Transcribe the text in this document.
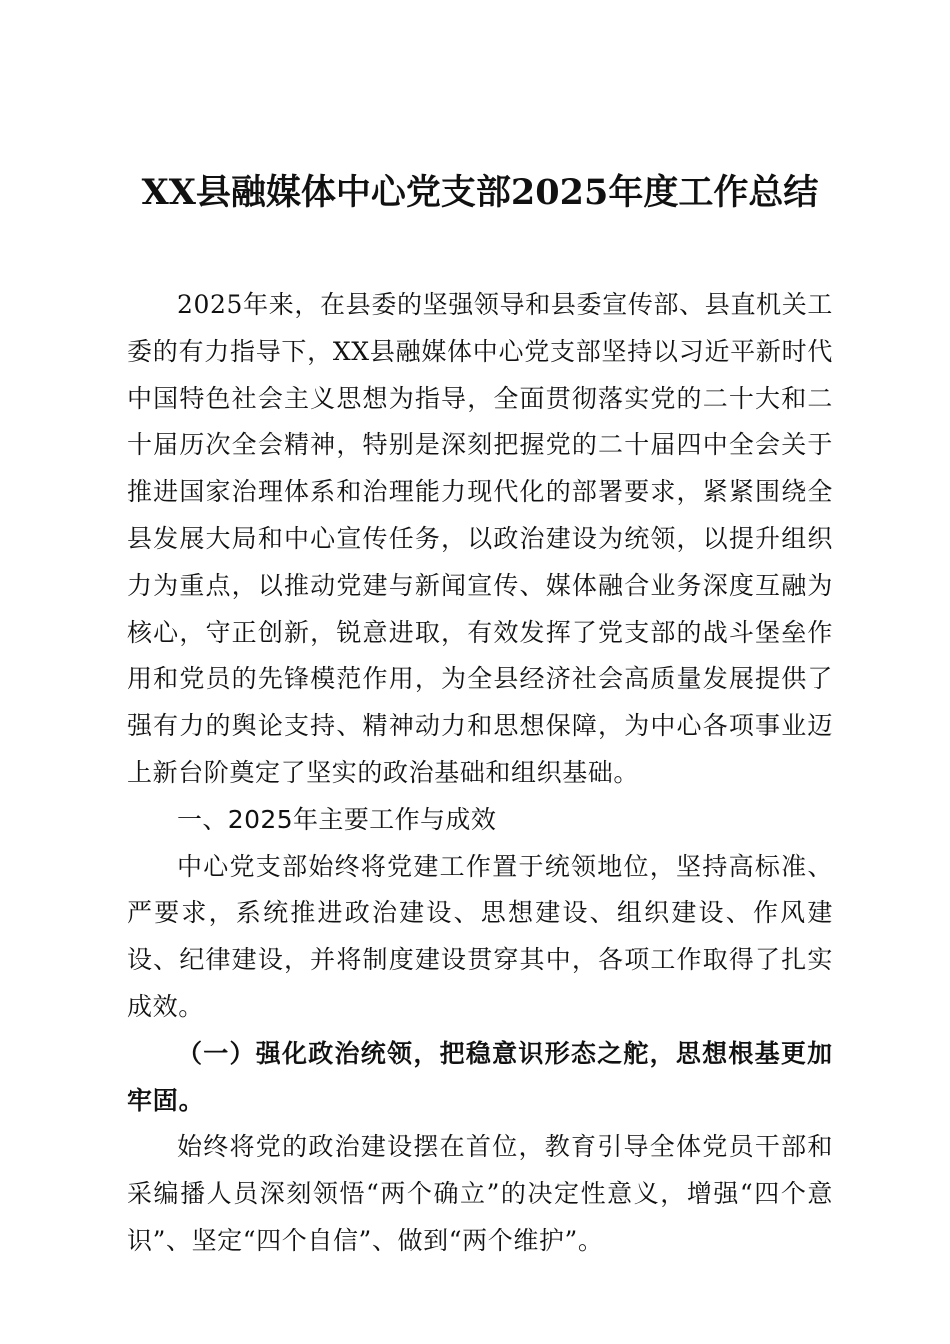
XX县融媒体中心党支部2025年度工作总结

2025年来，在县委的坚强领导和县委宣传部、县直机关工委的有力指导下，XX县融媒体中心党支部坚持以习近平新时代中国特色社会主义思想为指导，全面贯彻落实党的二十大和二十届历次全会精神，特别是深刻把握党的二十届四中全会关于推进国家治理体系和治理能力现代化的部署要求，紧紧围绕全县发展大局和中心宣传任务，以政治建设为统领，以提升组织力为重点，以推动党建与新闻宣传、媒体融合业务深度互融为核心，守正创新，锐意进取，有效发挥了党支部的战斗堡垒作用和党员的先锋模范作用，为全县经济社会高质量发展提供了强有力的舆论支持、精神动力和思想保障，为中心各项事业迈上新台阶奠定了坚实的政治基础和组织基础。

一、2025年主要工作与成效

中心党支部始终将党建工作置于统领地位，坚持高标准、严要求，系统推进政治建设、思想建设、组织建设、作风建设、纪律建设，并将制度建设贯穿其中，各项工作取得了扎实成效。

（一）强化政治统领，把稳意识形态之舵，思想根基更加牢固。

始终将党的政治建设摆在首位，教育引导全体党员干部和采编播人员深刻领悟“两个确立”的决定性意义，增强“四个意识”、坚定“四个自信”、做到“两个维护”。
